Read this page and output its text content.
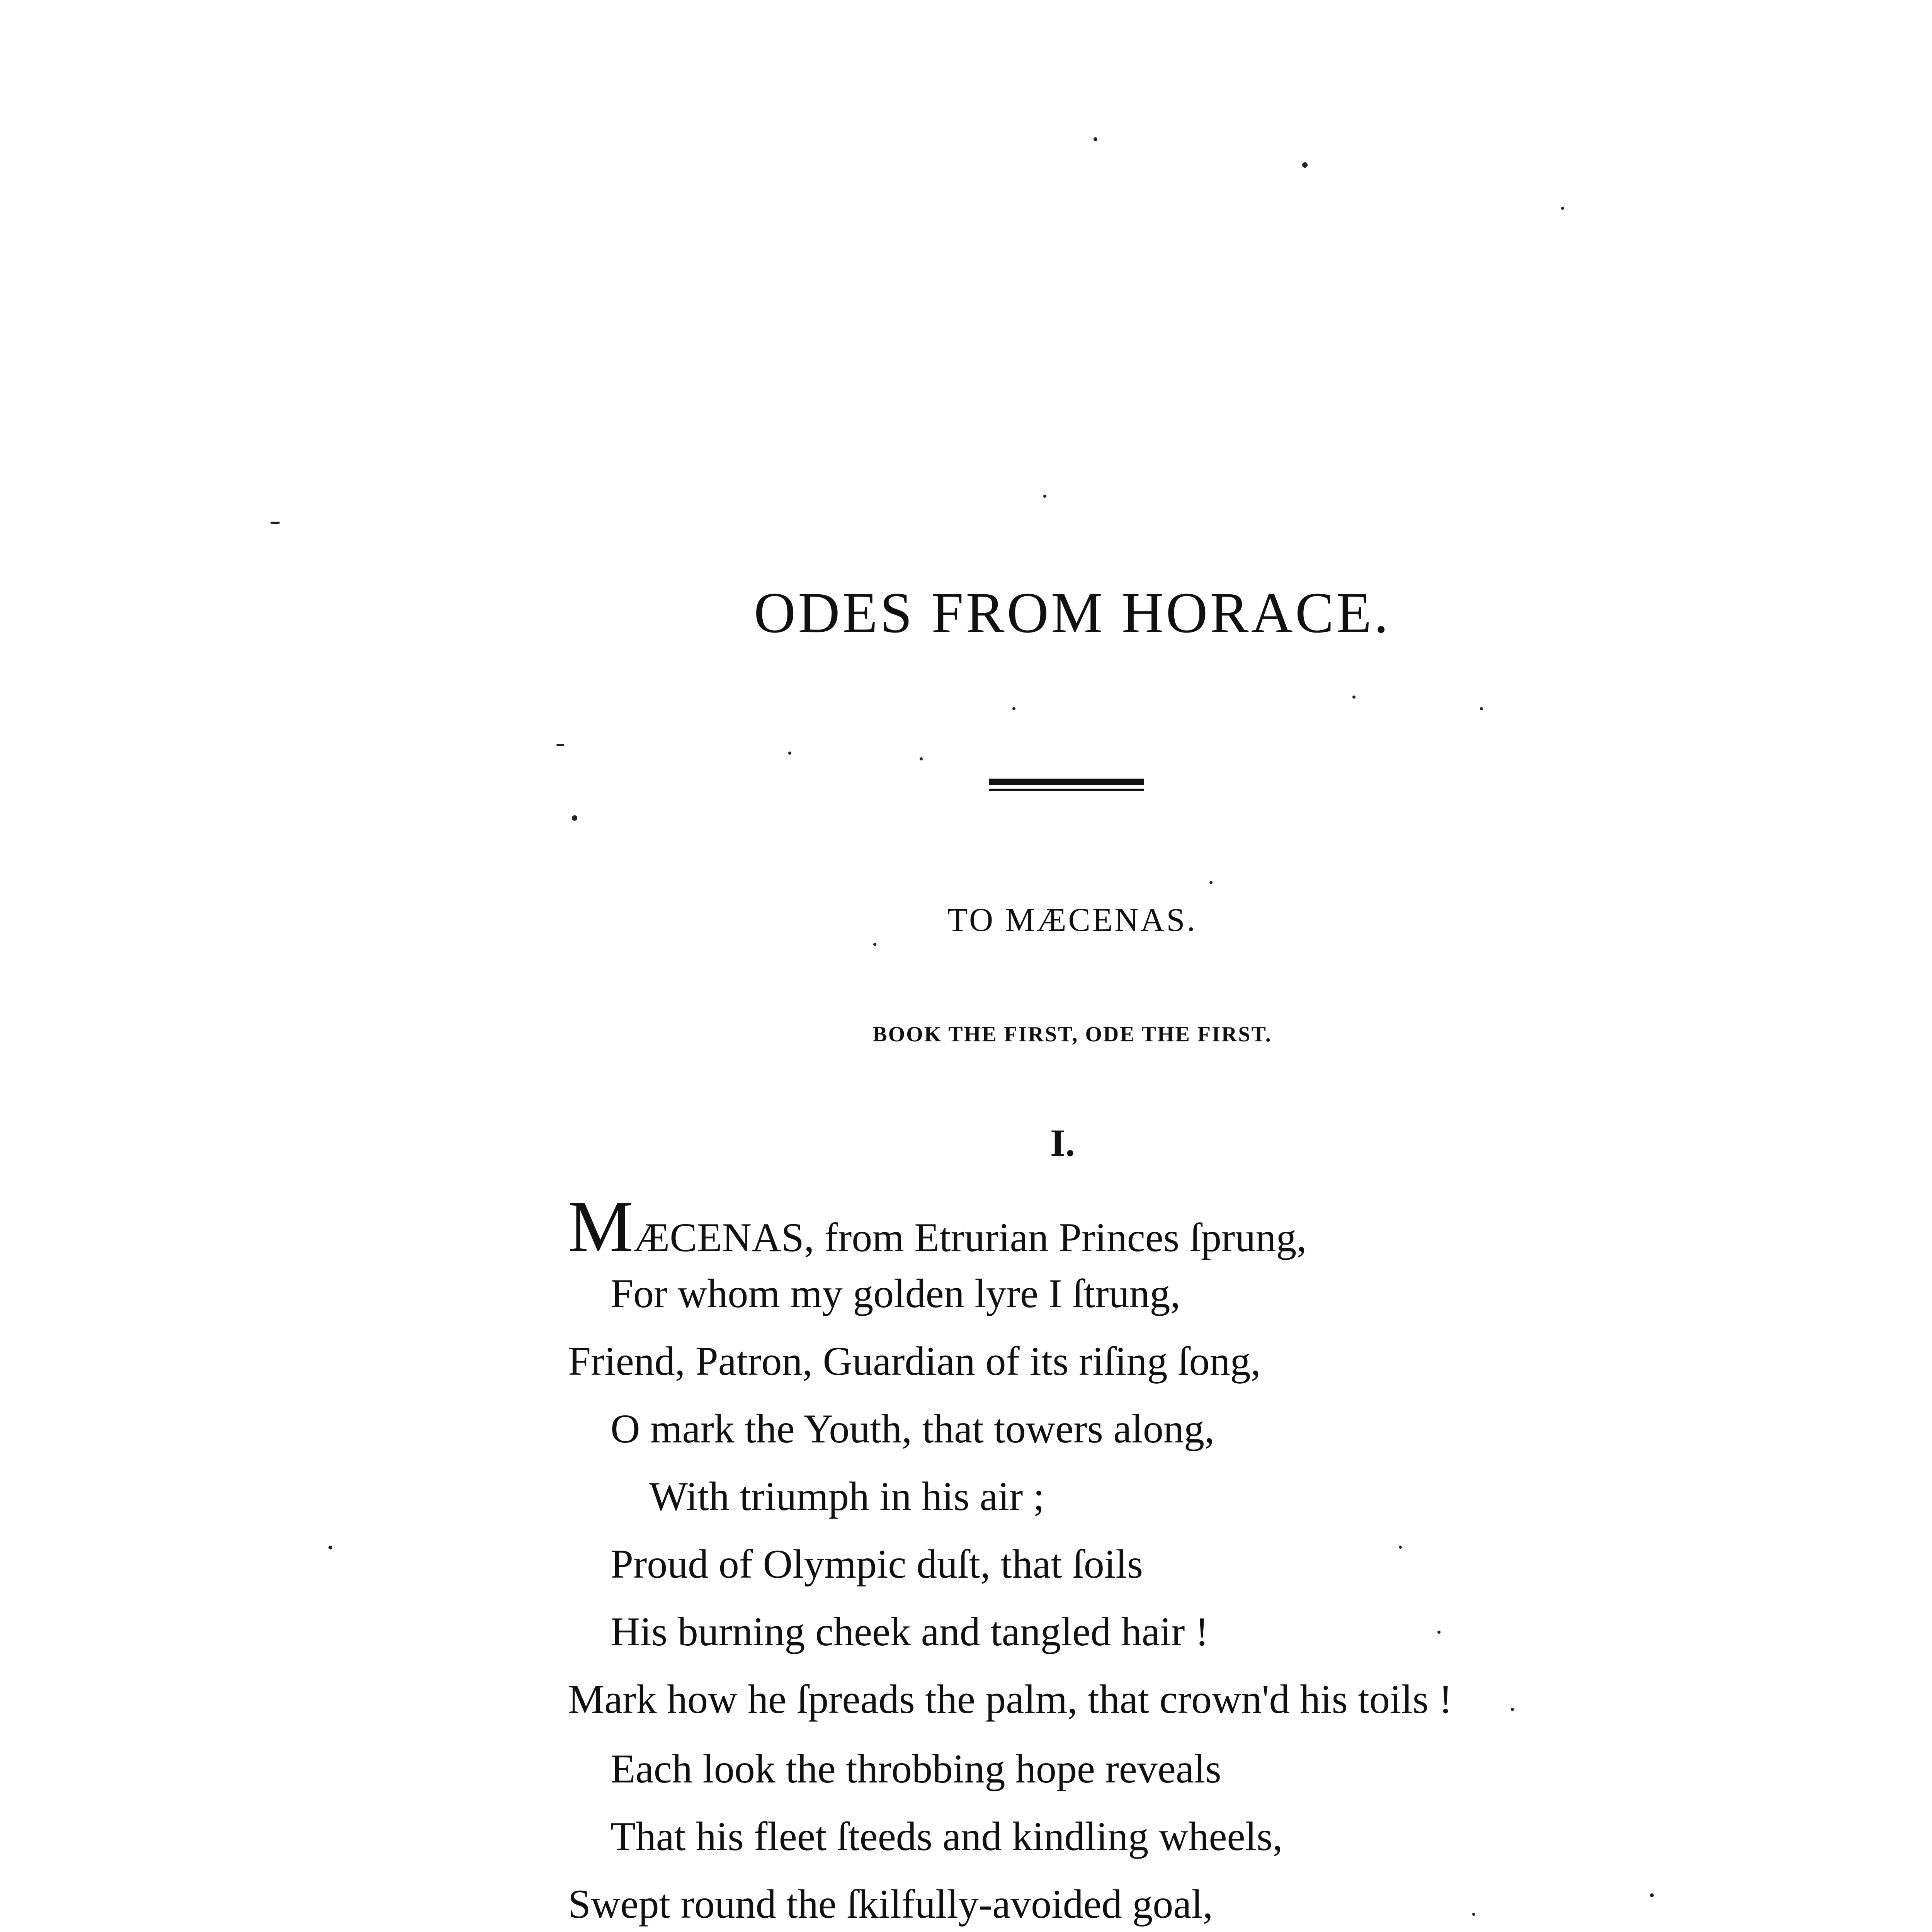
ODES FROM HORACE.
TO MÆCENAS.
BOOK THE FIRST, ODE THE FIRST.
I.
MÆCENAS, from Etrurian Princes ſprung,
For whom my golden lyre I ſtrung,
Friend, Patron, Guardian of its riſing ſong,
O mark the Youth, that towers along,
With triumph in his air ;
Proud of Olympic duſt, that ſoils
His burning cheek and tangled hair !
Mark how he ſpreads the palm, that crown'd his toils !
Each look the throbbing hope reveals
That his fleet ſteeds and kindling wheels,
Swept round the ſkilfully-avoided goal,
